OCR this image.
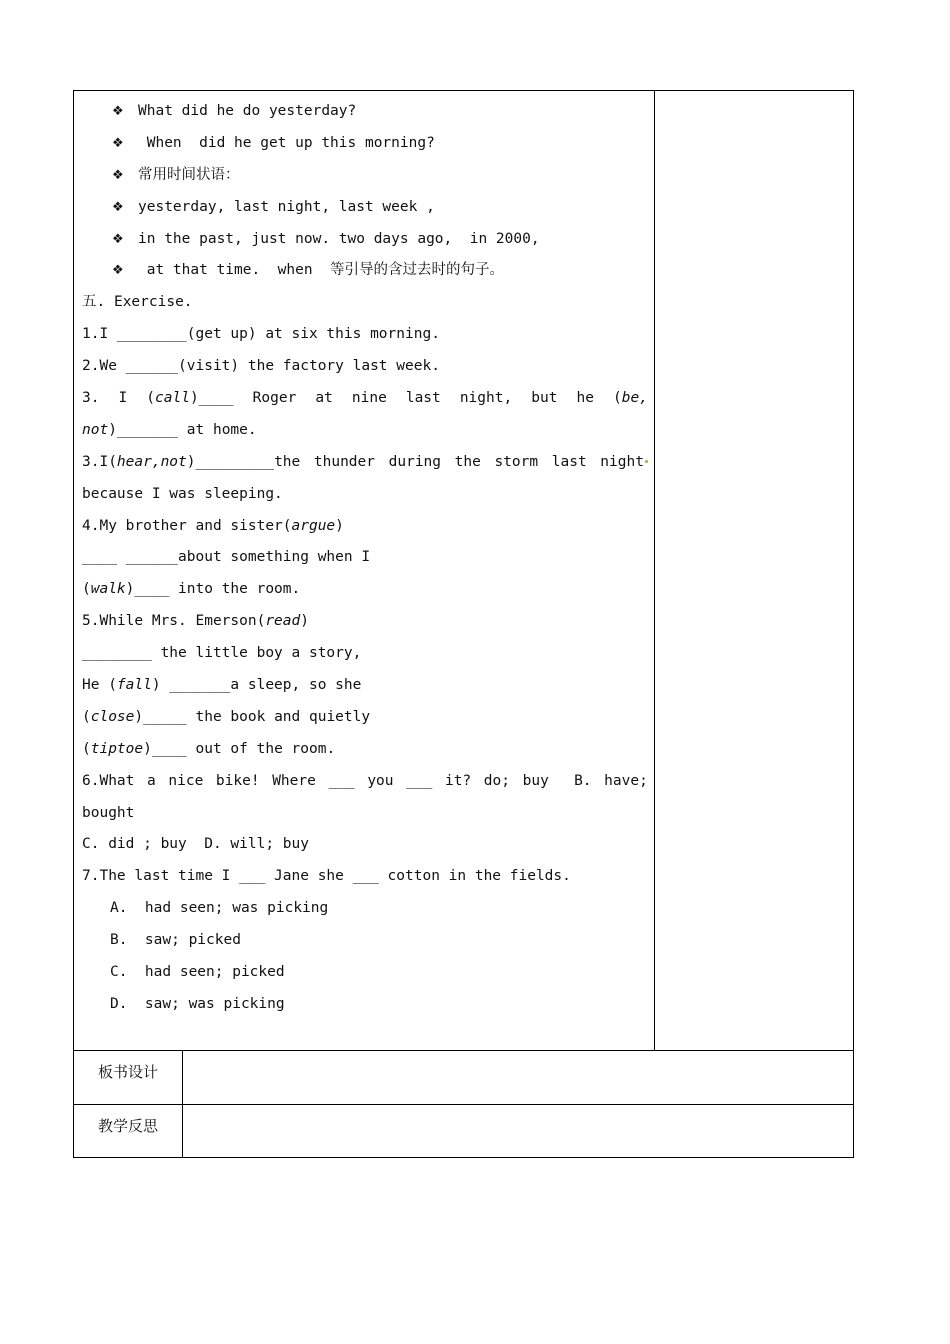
❖ What did he do yesterday?
❖ When  did he get up this morning?
❖ 常用时间状语：
❖ yesterday, last night, last week ,
❖ in the past, just now. two days ago,  in 2000,
❖ at that time.  when  等引导的含过去时的句子。
五. Exercise.
1.I ________(get up) at six this morning.
2.We ______(visit) the factory last week.
3. I (call)____ Roger at nine last night, but he (be,
not)_______ at home.
3.I(hear,not)_________the thunder during the storm last night
because I was sleeping.
4.My brother and sister(argue)
____ ______about something when I
(walk)____ into the room.
5.While Mrs. Emerson(read)
________ the little boy a story,
He (fall) _______a sleep, so she
(close)_____ the book and quietly
(tiptoe)____ out of the room.
6.What a nice bike! Where ___ you ___ it? do; buy B. have;
bought
C. did ; buy  D. will; buy
7.The last time I ___ Jane she ___ cotton in the fields.
A.  had seen; was picking
B.  saw; picked
C.  had seen; picked
D.  saw; was picking
板书设计
教学反思
